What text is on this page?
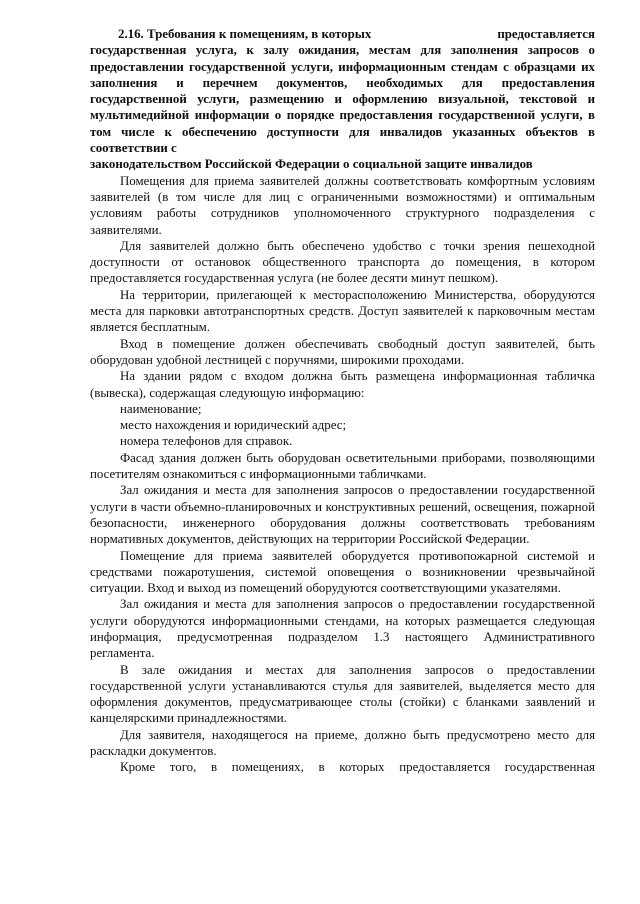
2.16. Требования к помещениям, в которых	предоставляется
государственная услуга, к залу ожидания, местам для заполнения запросов о предоставлении государственной услуги, информационным стендам с образцами их заполнения и перечнем документов, необходимых для предоставления государственной услуги, размещению и оформлению визуальной, текстовой и мультимедийной информации о порядке предоставления государственной услуги, в том числе к обеспечению доступности для инвалидов указанных объектов в соответствии с
законодательством Российской Федерации о социальной защите инвалидов

Помещения для приема заявителей должны соответствовать комфортным условиям заявителей (в том числе для лиц с ограниченными возможностями) и оптимальным условиям работы сотрудников уполномоченного структурного подразделения с заявителями.

Для заявителей должно быть обеспечено удобство с точки зрения пешеходной доступности от остановок общественного транспорта до помещения, в котором предоставляется государственная услуга (не более десяти минут пешком).

На территории, прилегающей к месторасположению Министерства, оборудуются места для парковки автотранспортных средств. Доступ заявителей к парковочным местам является бесплатным.

Вход в помещение должен обеспечивать свободный доступ заявителей, быть оборудован удобной лестницей с поручнями, широкими проходами.

На здании рядом с входом должна быть размещена информационная табличка (вывеска), содержащая следующую информацию:

наименование;

место нахождения и юридический адрес;

номера телефонов для справок.

Фасад здания должен быть оборудован осветительными приборами, позволяющими посетителям ознакомиться с информационными табличками.

Зал ожидания и места для заполнения запросов о предоставлении государственной услуги в части объемно-планировочных и конструктивных решений, освещения, пожарной безопасности, инженерного оборудования должны соответствовать требованиям нормативных документов, действующих на территории Российской Федерации.

Помещение для приема заявителей оборудуется противопожарной системой и средствами пожаротушения, системой оповещения о возникновении чрезвычайной ситуации. Вход и выход из помещений оборудуются соответствующими указателями.

Зал ожидания и места для заполнения запросов о предоставлении государственной услуги оборудуются информационными стендами, на которых размещается следующая информация, предусмотренная подразделом 1.3 настоящего Административного регламента.

В зале ожидания и местах для заполнения запросов о предоставлении государственной услуги устанавливаются стулья для заявителей, выделяется место для оформления документов, предусматривающее столы (стойки) с бланками заявлений и канцелярскими принадлежностями.

Для заявителя, находящегося на приеме, должно быть предусмотрено место для раскладки документов.

Кроме того, в помещениях, в которых предоставляется государственная
